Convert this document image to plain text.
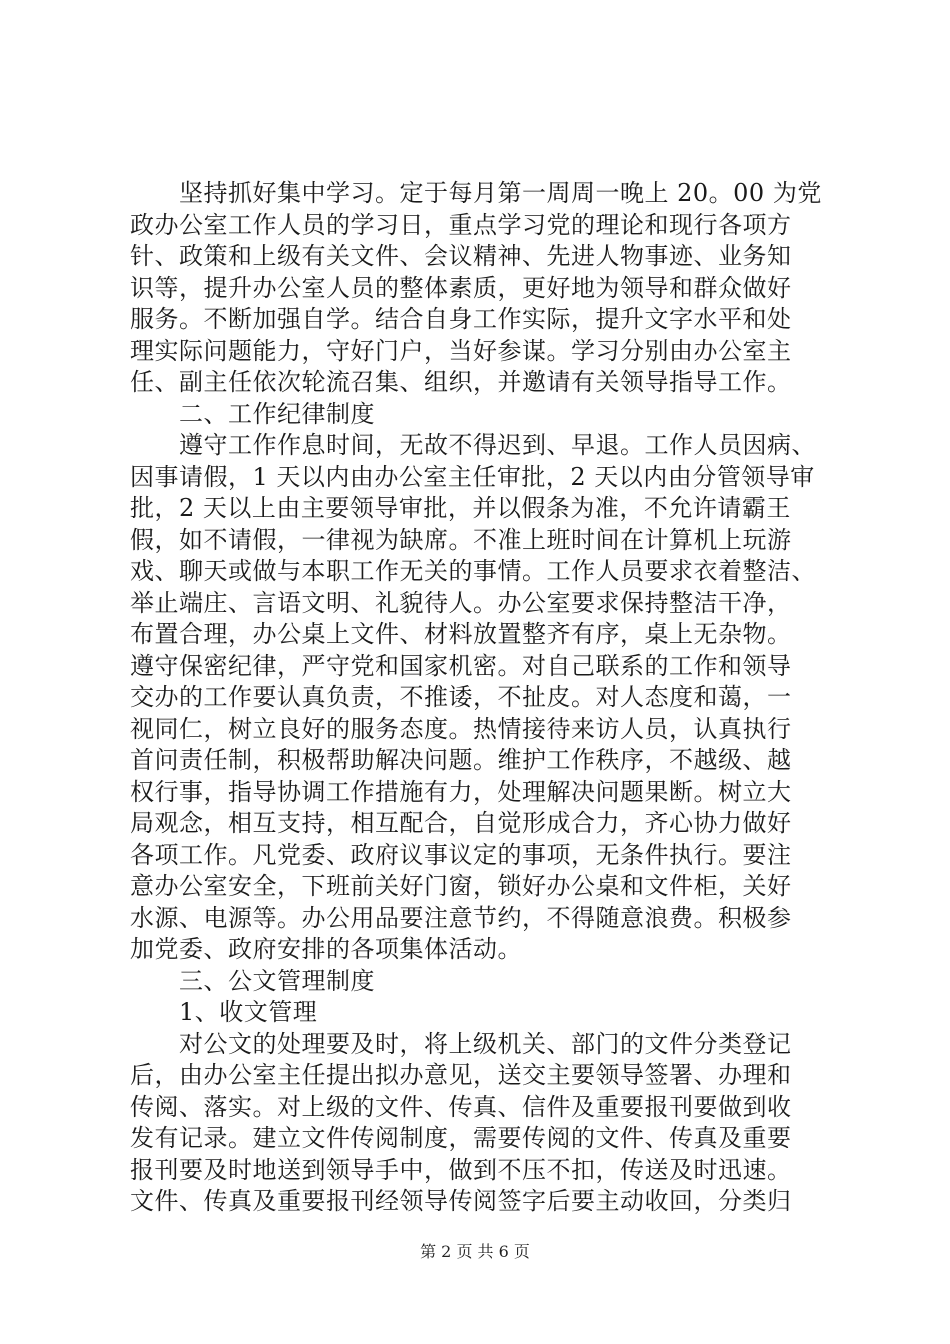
　　坚持抓好集中学习。定于每月第一周周一晚上 20。00 为党
政办公室工作人员的学习日，重点学习党的理论和现行各项方
针、政策和上级有关文件、会议精神、先进人物事迹、业务知
识等，提升办公室人员的整体素质，更好地为领导和群众做好
服务。不断加强自学。结合自身工作实际，提升文字水平和处
理实际问题能力，守好门户，当好参谋。学习分别由办公室主
任、副主任依次轮流召集、组织，并邀请有关领导指导工作。
　　二、工作纪律制度
　　遵守工作作息时间，无故不得迟到、早退。工作人员因病、
因事请假，1 天以内由办公室主任审批，2 天以内由分管领导审
批，2 天以上由主要领导审批，并以假条为准，不允许请霸王
假，如不请假，一律视为缺席。不准上班时间在计算机上玩游
戏、聊天或做与本职工作无关的事情。工作人员要求衣着整洁、
举止端庄、言语文明、礼貌待人。办公室要求保持整洁干净，
布置合理，办公桌上文件、材料放置整齐有序，桌上无杂物。
遵守保密纪律，严守党和国家机密。对自己联系的工作和领导
交办的工作要认真负责，不推诿，不扯皮。对人态度和蔼，一
视同仁，树立良好的服务态度。热情接待来访人员，认真执行
首问责任制，积极帮助解决问题。维护工作秩序，不越级、越
权行事，指导协调工作措施有力，处理解决问题果断。树立大
局观念，相互支持，相互配合，自觉形成合力，齐心协力做好
各项工作。凡党委、政府议事议定的事项，无条件执行。要注
意办公室安全，下班前关好门窗，锁好办公桌和文件柜，关好
水源、电源等。办公用品要注意节约，不得随意浪费。积极参
加党委、政府安排的各项集体活动。
　　三、公文管理制度
　　1、收文管理
　　对公文的处理要及时，将上级机关、部门的文件分类登记
后，由办公室主任提出拟办意见，送交主要领导签署、办理和
传阅、落实。对上级的文件、传真、信件及重要报刊要做到收
发有记录。建立文件传阅制度，需要传阅的文件、传真及重要
报刊要及时地送到领导手中，做到不压不扣，传送及时迅速。
文件、传真及重要报刊经领导传阅签字后要主动收回，分类归
第 2 页 共 6 页
